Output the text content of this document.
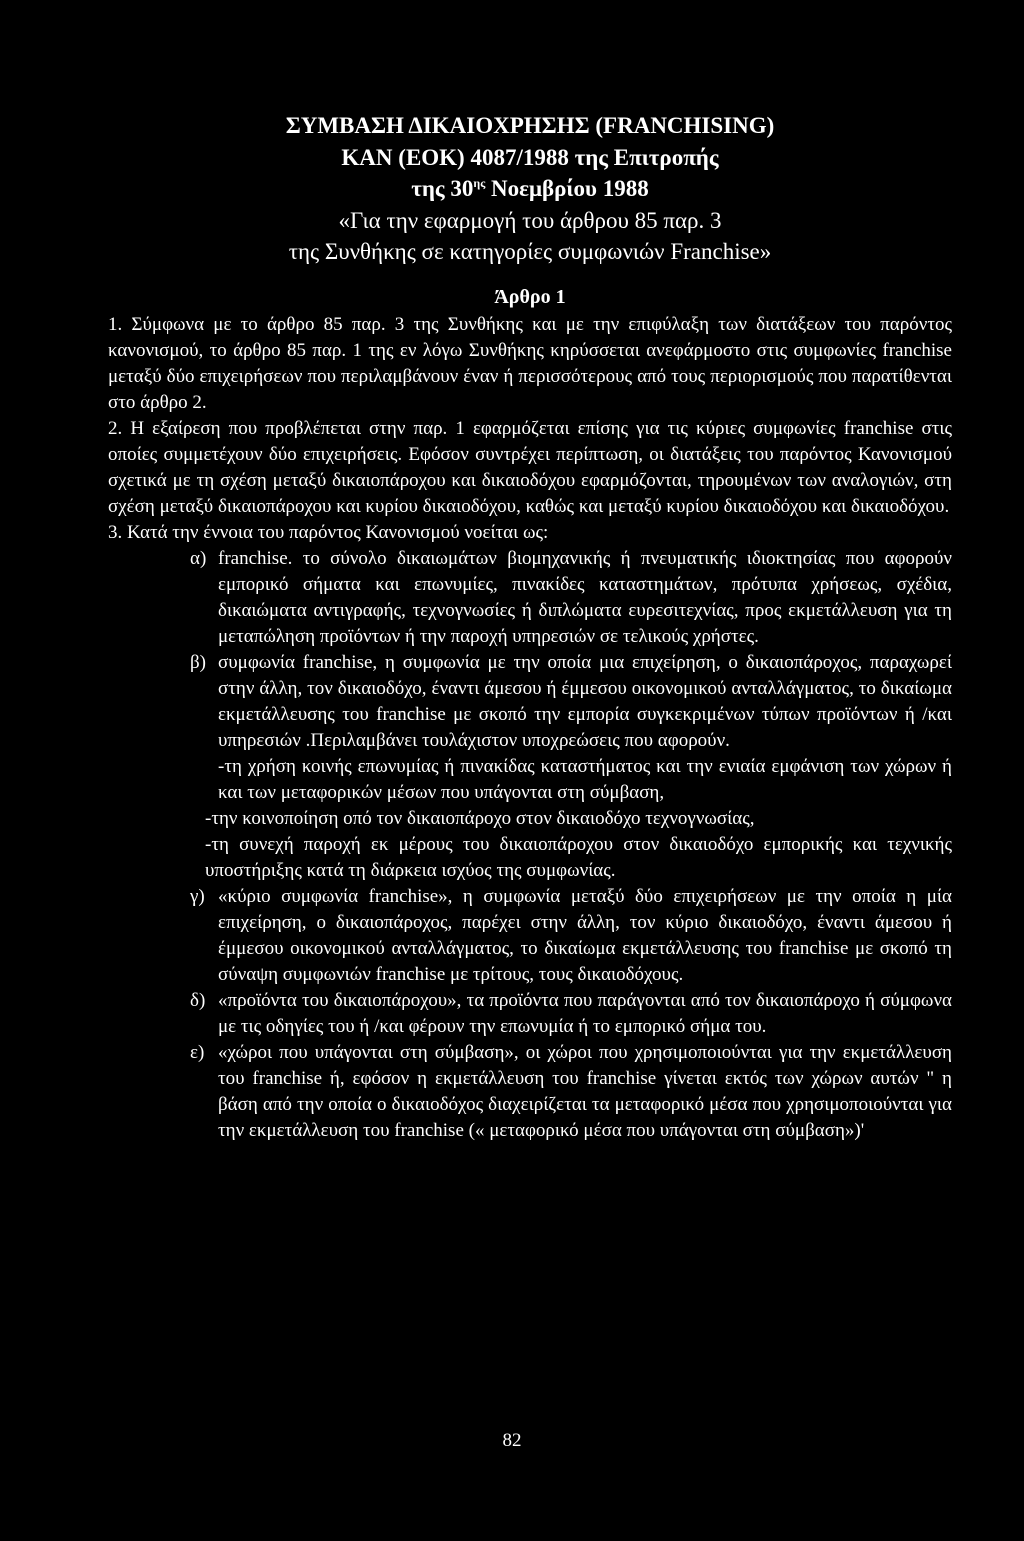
ΣΥΜΒΑΣΗ ΔΙΚΑΙΟΧΡΗΣΗΣ (FRANCHISING)
ΚΑΝ (ΕΟΚ) 4087/1988 της Επιτροπής
της $30^{\eta\varsigma}$ Νοεμβρίου 1988
«Για την εφαρμογή του άρθρου 85 παρ. 3
της Συνθήκης σε κατηγορίες συμφωνιών Franchise»
Άρθρο 1

1. Σύμφωνα με το άρθρο 85 παρ. 3 της Συνθήκης και με την επιφύλαξη των διατάξεων του παρόντος κανονισμού, το άρθρο 85 παρ. 1 της εν λόγω Συνθήκης κηρύσσεται ανεφάρμοστο στις συμφωνίες franchise μεταξύ δύο επιχειρήσεων που περιλαμβάνουν έναν ή περισσότερους από τους περιορισμούς που παρατίθενται στο άρθρο 2.

2. Η εξαίρεση που προβλέπεται στην παρ. 1 εφαρμόζεται επίσης για τις κύριες συμφωνίες franchise στις οποίες συμμετέχουν δύο επιχειρήσεις. Εφόσον συντρέχει περίπτωση, οι διατάξεις του παρόντος Κανονισμού σχετικά με τη σχέση μεταξύ δικαιοπάροχου και δικαιοδόχου εφαρμόζονται, τηρουμένων των αναλογιών, στη σχέση μεταξύ δικαιοπάροχου και κυρίου δικαιοδόχου, καθώς και μεταξύ κυρίου δικαιοδόχου και δικαιοδόχου.

3. Κατά την έννοια του παρόντος Κανονισμού νοείται ως:

α) franchise. το σύνολο δικαιωμάτων βιομηχανικής ή πνευματικής ιδιοκτησίας που αφορούν εμπορικό σήματα και επωνυμίες, πινακίδες καταστημάτων, πρότυπα χρήσεως, σχέδια, δικαιώματα αντιγραφής, τεχνογνωσίες ή διπλώματα ευρεσιτεχνίας, προς εκμετάλλευση για τη μεταπώληση προϊόντων ή την παροχή υπηρεσιών σε τελικούς χρήστες.
β) συμφωνία franchise, η συμφωνία με την οποία μια επιχείρηση, ο δικαιοπάροχος, παραχωρεί στην άλλη, τον δικαιοδόχο, έναντι άμεσου ή έμμεσου οικονομικού ανταλλάγματος, το δικαίωμα εκμετάλλευσης του franchise με σκοπό την εμπορία συγκεκριμένων τύπων προϊόντων ή /και υπηρεσιών .Περιλαμβάνει τουλάχιστον υποχρεώσεις που αφορούν.

-τη χρήση κοινής επωνυμίας ή πινακίδας καταστήματος και την ενιαία εμφάνιση των χώρων ή και των μεταφορικών μέσων που υπάγονται στη σύμβαση,

-την κοινοποίηση οπό τον δικαιοπάροχο στον δικαιοδόχο τεχνογνωσίας,

-τη συνεχή παροχή εκ μέρους του δικαιοπάροχου στον δικαιοδόχο εμπορικής και τεχνικής υποστήριξης κατά τη διάρκεια ισχύος της συμφωνίας.

γ) «κύριο συμφωνία franchise», η συμφωνία μεταξύ δύο επιχειρήσεων με την οποία η μία επιχείρηση, ο δικαιοπάροχος, παρέχει στην άλλη, τον κύριο δικαιοδόχο, έναντι άμεσου ή έμμεσου οικονομικού ανταλλάγματος, το δικαίωμα εκμετάλλευσης του franchise με σκοπό τη σύναψη συμφωνιών franchise με τρίτους, τους δικαιοδόχους.
δ) «προϊόντα του δικαιοπάροχου», τα προϊόντα που παράγονται από τον δικαιοπάροχο ή σύμφωνα με τις οδηγίες του ή /και φέρουν την επωνυμία ή το εμπορικό σήμα του.
ε) «χώροι που υπάγονται στη σύμβαση», οι χώροι που χρησιμοποιούνται για την εκμετάλλευση του franchise ή, εφόσον η εκμετάλλευση του franchise γίνεται εκτός των χώρων αυτών " η βάση από την οποία ο δικαιοδόχος διαχειρίζεται τα μεταφορικό μέσα που χρησιμοποιούνται για την εκμετάλλευση του franchise (« μεταφορικό μέσα που υπάγονται στη σύμβαση»)'
82
